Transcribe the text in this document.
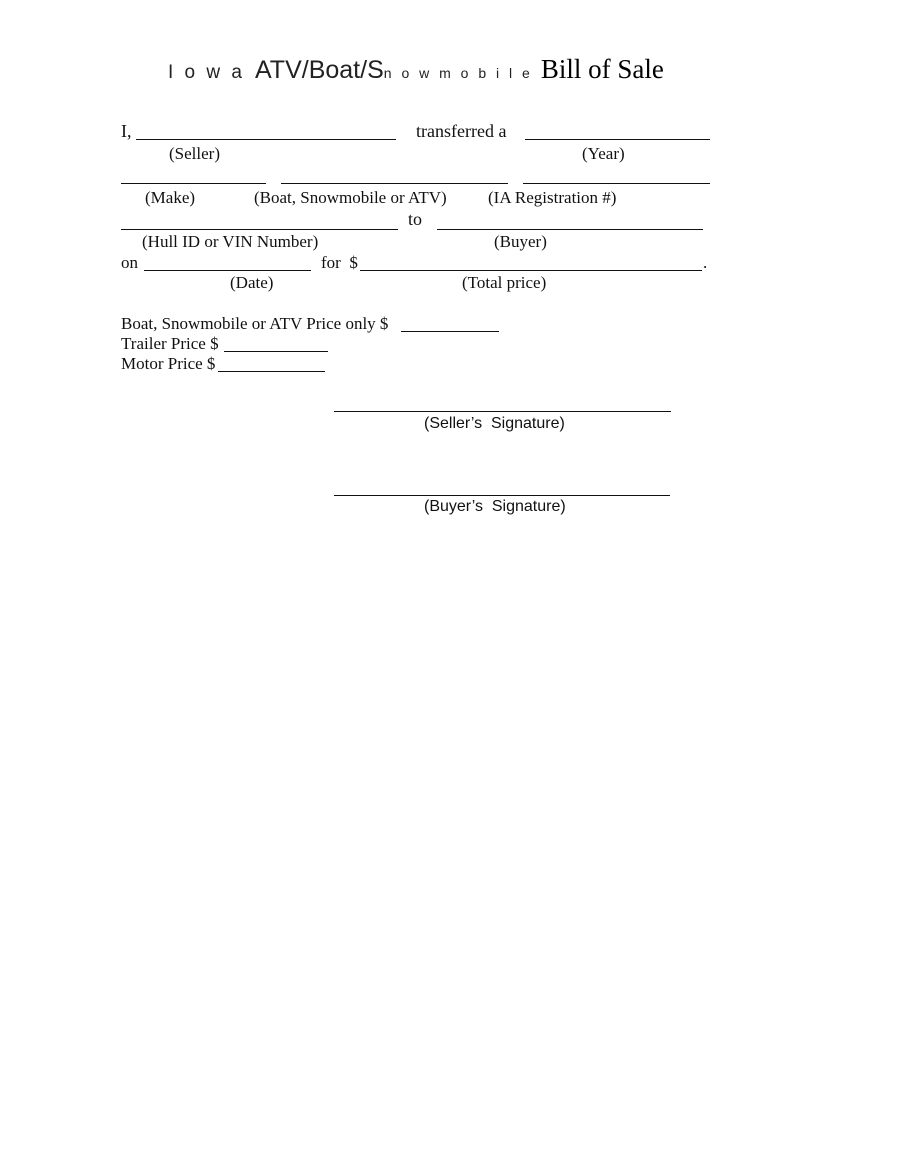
I o w a ATV/Boat/Sn o w m o b i l e Bill of Sale
I,	transferred a
(Seller)	(Year)
(Make)	(Boat, Snowmobile or ATV) (IA Registration #)
to
(Hull ID or VIN Number)	(Buyer)
on	for  $	.
(Date)	(Total price)
Boat, Snowmobile or ATV Price only $
Trailer Price $
Motor Price $
(Seller’s  Signature)
(Buyer’s  Signature)
